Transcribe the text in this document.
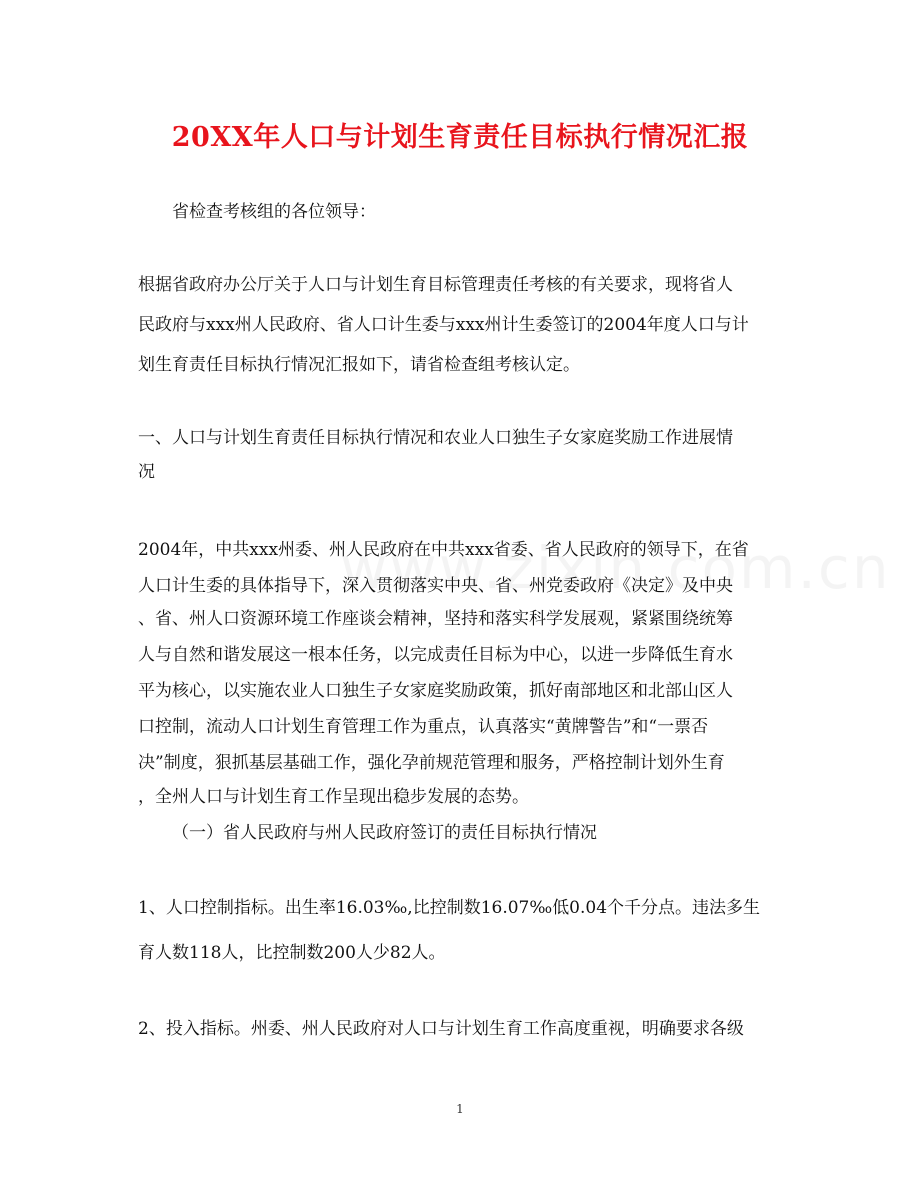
20XX年人口与计划生育责任目标执行情况汇报
省检查考核组的各位领导：
根据省政府办公厅关于人口与计划生育目标管理责任考核的有关要求，现将省人
民政府与xxx州人民政府、省人口计生委与xxx州计生委签订的2004年度人口与计
划生育责任目标执行情况汇报如下，请省检查组考核认定。
一、人口与计划生育责任目标执行情况和农业人口独生子女家庭奖励工作进展情
况
2004年，中共xxx州委、州人民政府在中共xxx省委、省人民政府的领导下，在省
人口计生委的具体指导下，深入贯彻落实中央、省、州党委政府《决定》及中央
、省、州人口资源环境工作座谈会精神，坚持和落实科学发展观，紧紧围绕统筹
人与自然和谐发展这一根本任务，以完成责任目标为中心，以进一步降低生育水
平为核心，以实施农业人口独生子女家庭奖励政策，抓好南部地区和北部山区人
口控制，流动人口计划生育管理工作为重点，认真落实“黄牌警告”和“一票否
决”制度，狠抓基层基础工作，强化孕前规范管理和服务，严格控制计划外生育
，全州人口与计划生育工作呈现出稳步发展的态势。
（一）省人民政府与州人民政府签订的责任目标执行情况
1、人口控制指标。出生率16.03‰,比控制数16.07‰低0.04个千分点。违法多生
育人数118人，比控制数200人少82人。
2、投入指标。州委、州人民政府对人口与计划生育工作高度重视，明确要求各级
1
